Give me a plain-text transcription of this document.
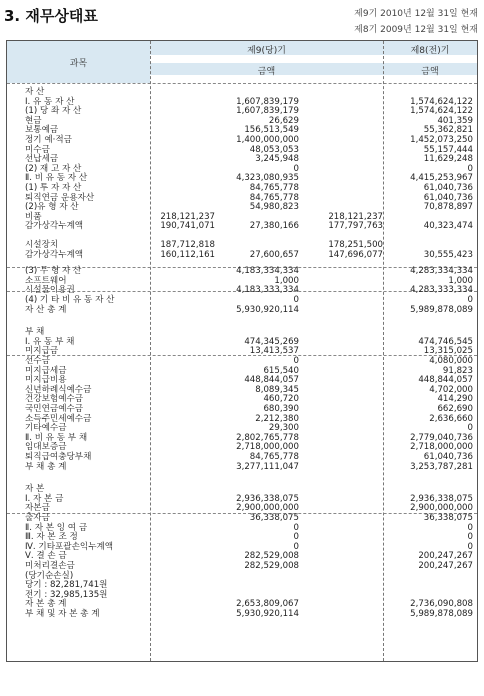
3. 재무상태표	제9기 2010년 12월 31일 현재
제8기 2009년 12월 31일 현재
과목
제9(당)기
금액
제8(전)기
금액
자 산
Ⅰ. 유 동 자 산	1,607,839,179	1,574,624,122
(1) 당 좌 자 산	1,607,839,179	1,574,624,122
현금	26,629	401,359
보통예금	156,513,549	55,362,821
정기 예·적금	1,400,000,000	1,452,073,250
미수금	48,053,053	55,157,444
선납세금	3,245,948	11,629,248
(2) 재 고 자 산	0	0
Ⅱ. 비 유 동 자 산	4,323,080,935	4,415,253,967
(1) 투 자 자 산	84,765,778	61,040,736
퇴직연금 운용자산	84,765,778	61,040,736
(2)유 형 자 산	54,980,823	70,878,897
비품	218,121,237	218,121,237
감가상각누계액	190,741,071	27,380,166	177,797,763	40,323,474
시설장치	187,712,818	178,251,500
감가상각누계액	160,112,161	27,600,657	147,696,077	30,555,423
(3) 무 형 자 산	4,183,334,334	4,283,334,334
소프트웨어	1,000	1,000
시설물이용권	4,183,333,334	4,283,333,334
(4) 기 타 비 유 동 자 산	0	0
자 산 총 계	5,930,920,114	5,989,878,089
부 채
Ⅰ. 유 동 부 채	474,345,269	474,746,545
미지급금	13,413,537	13,315,025
선수금	0	4,080,000
미지급세금	615,540	91,823
미지급비용	448,844,057	448,844,057
신년하례식예수금	8,089,345	4,702,000
건강보험예수금	460,720	414,290
국민연금예수금	680,390	662,690
소득주민세예수금	2,212,380	2,636,660
기타예수금	29,300	0
Ⅱ. 비 유 동 부 채	2,802,765,778	2,779,040,736
임대보증금	2,718,000,000	2,718,000,000
퇴직급여충당부채	84,765,778	61,040,736
부 채 총 계	3,277,111,047	3,253,787,281
자 본
Ⅰ. 자 본 금	2,936,338,075	2,936,338,075
자본금	2,900,000,000	2,900,000,000
출자금	36,338,075	36,338,075
Ⅱ. 자 본 잉 여 금	0	0
Ⅲ. 자 본 조 정	0	0
Ⅳ. 기타포괄손익누계액	0	0
Ⅴ. 결 손 금	282,529,008	200,247,267
미처리결손금	282,529,008	200,247,267
(당기순손실)
당기 : 82,281,741원
전기 : 32,985,135원
자 본 총 계	2,653,809,067	2,736,090,808
부 채 및 자 본 총 계	5,930,920,114	5,989,878,089
